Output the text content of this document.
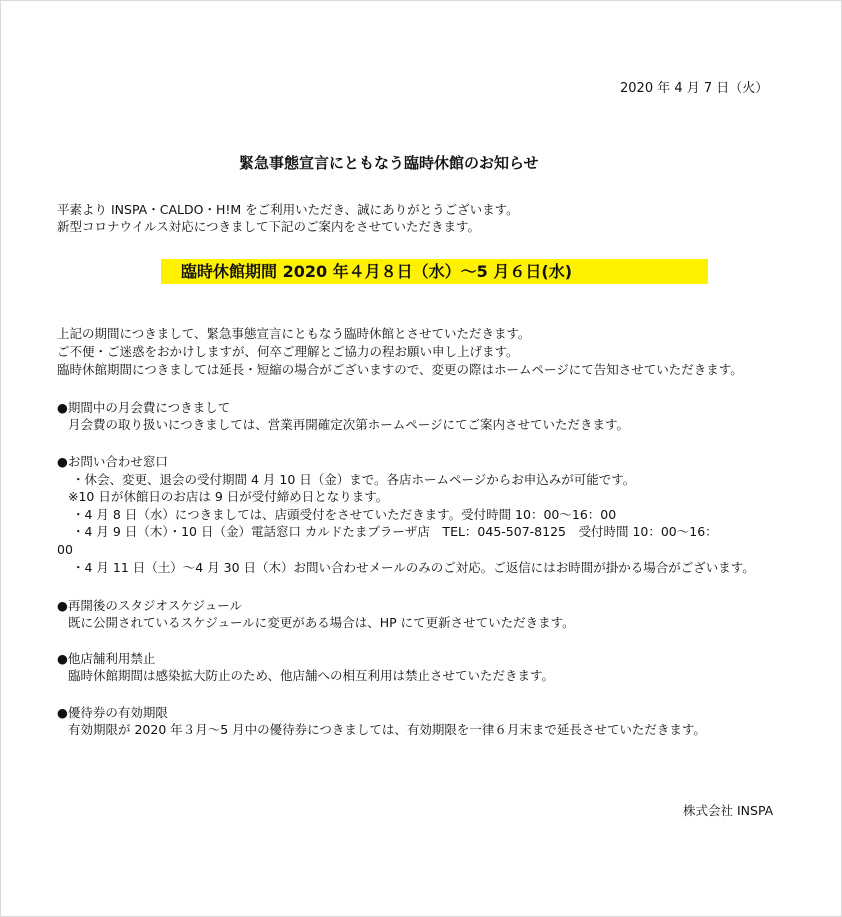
2020 年 4 月 7 日（火）
緊急事態宣言にともなう臨時休館のお知らせ
平素より INSPA・CALDO・H!M をご利用いただき、誠にありがとうございます。
新型コロナウイルス対応につきまして下記のご案内をさせていただきます。
臨時休館期間 2020 年４月８日（水）～5 月６日(水)
上記の期間につきまして、緊急事態宣言にともなう臨時休館とさせていただきます。
ご不便・ご迷惑をおかけしますが、何卒ご理解とご協力の程お願い申し上げます。
臨時休館期間につきましては延長・短縮の場合がございますので、変更の際はホームページにて告知させていただきます。
●期間中の月会費につきまして
月会費の取り扱いにつきましては、営業再開確定次第ホームページにてご案内させていただきます。
●お問い合わせ窓口
・休会、変更、退会の受付期間 4 月 10 日（金）まで。各店ホームページからお申込みが可能です。
※10 日が休館日のお店は 9 日が受付締め日となります。
・4 月 8 日（水）につきましては、店頭受付をさせていただきます。受付時間 10：00～16：00
・4 月 9 日（木）・10 日（金）電話窓口 カルドたまプラーザ店　TEL：045-507-8125　受付時間 10：00～16：
00
・4 月 11 日（土）～4 月 30 日（木）お問い合わせメールのみのご対応。ご返信にはお時間が掛かる場合がございます。
●再開後のスタジオスケジュール
既に公開されているスケジュールに変更がある場合は、HP にて更新させていただきます。
●他店舗利用禁止
臨時休館期間は感染拡大防止のため、他店舗への相互利用は禁止させていただきます。
●優待券の有効期限
有効期限が 2020 年３月～5 月中の優待券につきましては、有効期限を一律６月末まで延長させていただきます。
株式会社 INSPA
